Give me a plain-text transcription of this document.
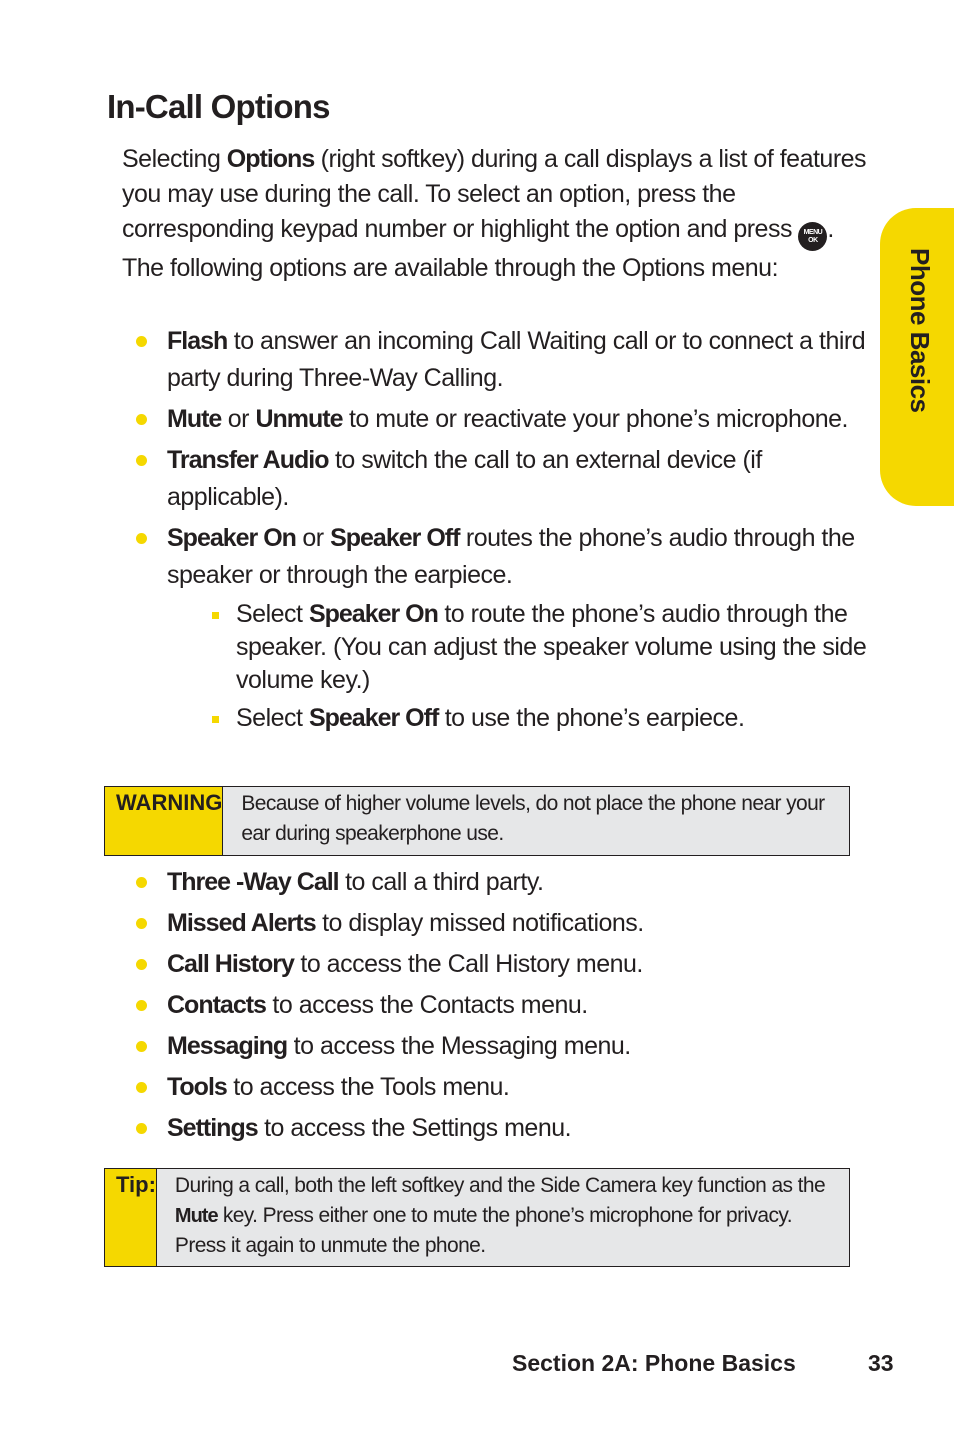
In-Call Options
Selecting Options (right softkey) during a call displays a list of features you may use during the call. To select an option, press the corresponding keypad number or highlight the option and press MENU
OK . The following options are available through the Options menu:
Flash to answer an incoming Call Waiting call or to connect a third party during Three-Way Calling.
Mute or Unmute to mute or reactivate your phone’s microphone.
Transfer Audio to switch the call to an external device (if applicable).
Speaker On or Speaker Off routes the phone’s audio through the speaker or through the earpiece.
Select Speaker On to route the phone’s audio through the speaker. (You can adjust the speaker volume using the side volume key.)
Select Speaker Off to use the phone’s earpiece.
WARNING Because of higher volume levels, do not place the phone near your ear during speakerphone use.
Three -Way Call to call a third party.
Missed Alerts to display missed notifications.
Call History to access the Call History menu.
Contacts to access the Contacts menu.
Messaging to access the Messaging menu.
Tools to access the Tools menu.
Settings to access the Settings menu.
Tip: During a call, both the left softkey and the Side Camera key function as the Mute key. Press either one to mute the phone’s microphone for privacy. Press it again to unmute the phone.
Phone Basics
Section 2A: Phone Basics	33
